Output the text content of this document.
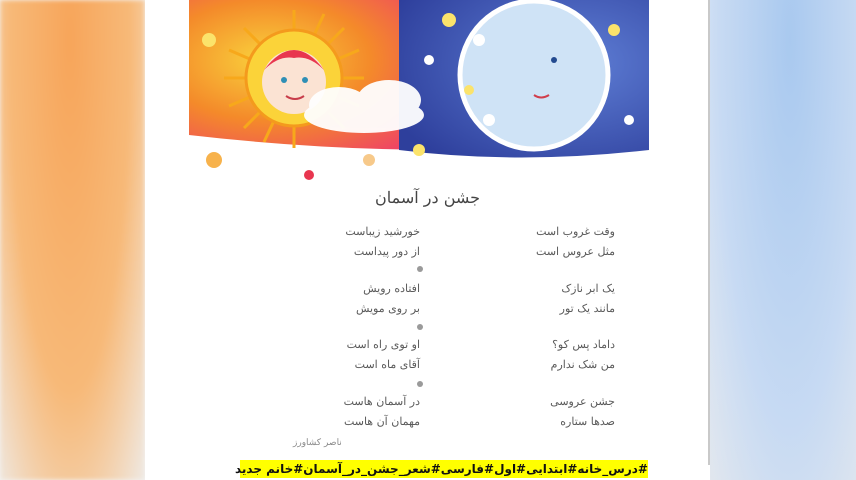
جشن در آسمان
وقت غروب است
خورشید زیباست
مثل عروس است
از دور پیداست
یک ابر نازک
افتاده رویش
مانند یک تور
بر روی مویش
داماد پس کو؟
او توی راه است
من شک ندارم
آقای ماه است
جشن عروسی
در آسمان هاست
صدها ستاره
مهمان آن هاست
ناصر کشاورز
#درس_خانه#ابتدایی#اول#فارسی#شعر_جشن_در_آسمان#خانم جدید
